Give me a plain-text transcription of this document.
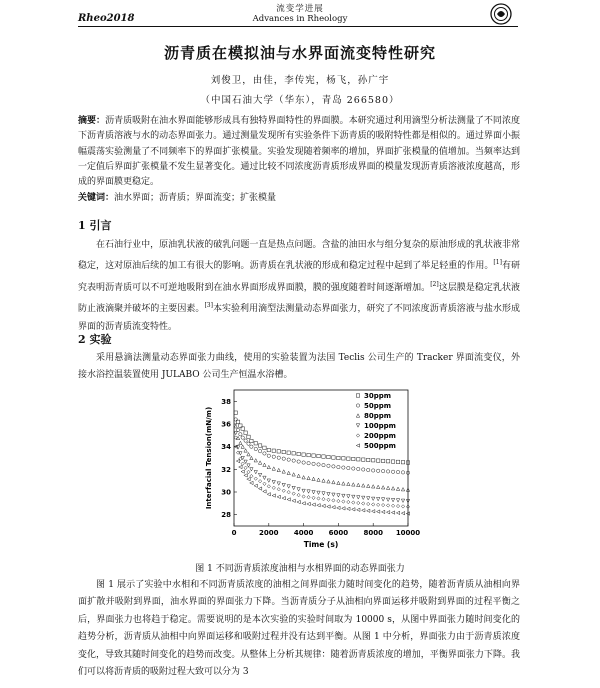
流变学进展
Advances in Rheology
Rheo2018
沥青质在模拟油与水界面流变特性研究
刘俊卫，由佳，李传宪，杨飞，孙广宇
（中国石油大学（华东），青岛 266580）
摘要：沥青质吸附在油水界面能够形成具有独特界面特性的界面膜。本研究通过利用滴型分析法测量了不同浓度下沥青质溶液与水的动态界面张力。通过测量发现所有实验条件下沥青质的吸附特性都是相似的。通过界面小振幅震荡实验测量了不同频率下的界面扩张模量。实验发现随着频率的增加，界面扩张模量的值增加。当频率达到一定值后界面扩张模量不发生显著变化。通过比较不同浓度沥青质形成界面的模量发现沥青质溶液浓度越高，形成的界面膜更稳定。
关键词：油水界面；沥青质；界面流变；扩张模量
1 引言
在石油行业中，原油乳状液的破乳问题一直是热点问题。含盐的油田水与组分复杂的原油形成的乳状液非常稳定，这对原油后续的加工有很大的影响。沥青质在乳状液的形成和稳定过程中起到了举足轻重的作用。[1]有研究表明沥青质可以不可逆地吸附到在油水界面形成界面膜，膜的强度随着时间逐渐增加。[2]这层膜是稳定乳状液防止液滴聚并破坏的主要因素。[3]本实验利用滴型法测量动态界面张力，研究了不同浓度沥青质溶液与盐水形成界面的沥青质流变特性。
2 实验
采用悬滴法测量动态界面张力曲线，使用的实验装置为法国 Teclis 公司生产的 Tracker 界面流变仪，外接水浴控温装置使用 JULABO 公司生产恒温水浴槽。
0	2000 4000 6000 8000 10000
28
30
32
34
36
38
Time (s)
Interfacial Tension(mN/m)
30ppm
50ppm
80ppm
100ppm
200ppm
500ppm
图 1 不同沥青质浓度油相与水相界面的动态界面张力
图 1 展示了实验中水相和不同沥青质浓度的油相之间界面张力随时间变化的趋势，随着沥青质从油相向界面扩散并吸附到界面，油水界面的界面张力下降。当沥青质分子从油相向界面运移并吸附到界面的过程平衡之后，界面张力也将趋于稳定。需要说明的是本次实验的实验时间取为 10000 s，从图中界面张力随时间变化的趋势分析，沥青质从油相中向界面运移和吸附过程并没有达到平衡。从图 1 中分析，界面张力由于沥青质浓度变化，导致其随时间变化的趋势而改变。从整体上分析其规律：随着沥青质浓度的增加，平衡界面张力下降。我们可以将沥青质的吸附过程大致可以分为 3
